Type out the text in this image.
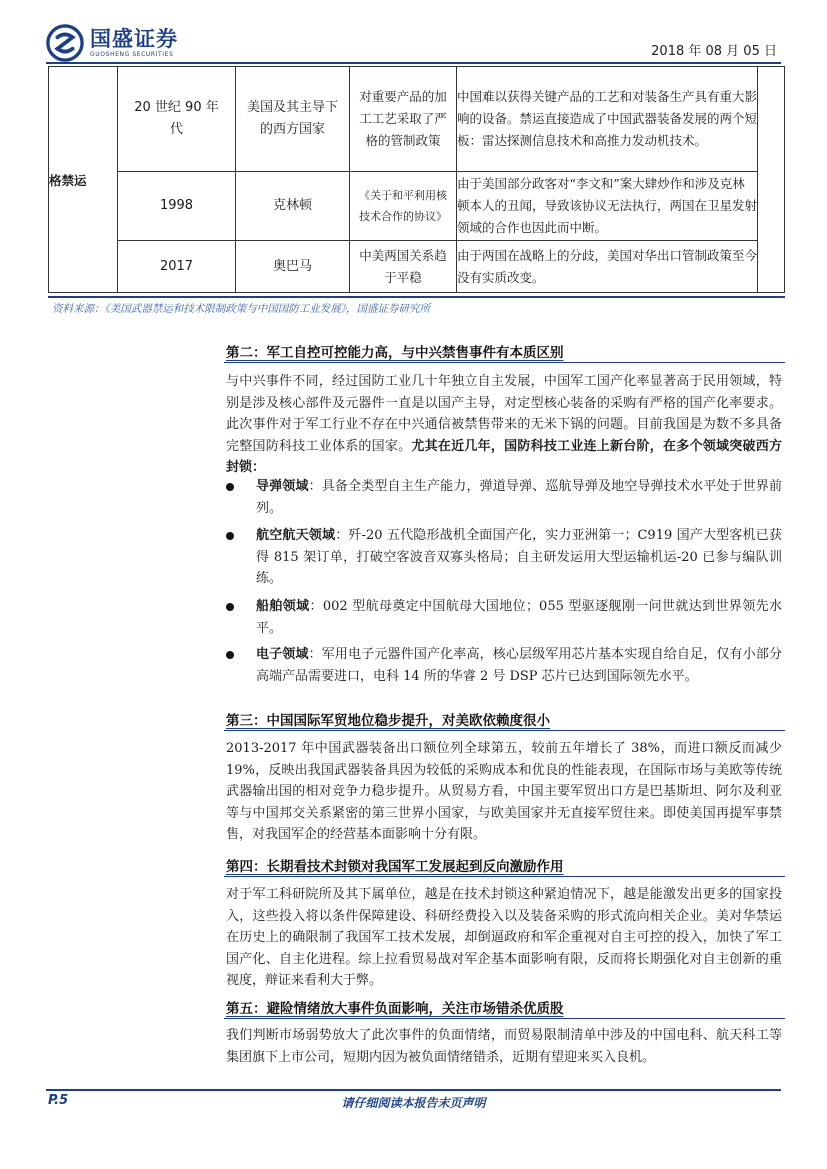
国盛证券
GUOSHENG SECURITIES	2018 年 08 月 05 日
格禁运	20 世纪 90 年代	美国及其主导下的西方国家	对重要产品的加工工艺采取了严格的管制政策	中国难以获得关键产品的工艺和对装备生产具有重大影响的设备。禁运直接造成了中国武器装备发展的两个短板：雷达探测信息技术和高推力发动机技术。	
	1998	克林顿	《关于和平利用核技术合作的协议》	由于美国部分政客对“李文和”案大肆炒作和涉及克林顿本人的丑闻，导致该协议无法执行，两国在卫星发射领域的合作也因此而中断。	
	2017	奥巴马	中美两国关系趋于平稳	由于两国在战略上的分歧，美国对华出口管制政策至今没有实质改变。	
资料来源：《美国武器禁运和技术限制政策与中国国防工业发展》，国盛证券研究所
第二：军工自控可控能力高，与中兴禁售事件有本质区别
与中兴事件不同，经过国防工业几十年独立自主发展，中国军工国产化率显著高于民用领域，特别是涉及核心部件及元器件一直是以国产主导，对定型核心装备的采购有严格的国产化率要求。此次事件对于军工行业不存在中兴通信被禁售带来的无米下锅的问题。目前我国是为数不多具备完整国防科技工业体系的国家。尤其在近几年，国防科技工业连上新台阶，在多个领域突破西方封锁：
导弹领域：具备全类型自主生产能力，弹道导弹、巡航导弹及地空导弹技术水平处于世界前列。
航空航天领域：歼-20 五代隐形战机全面国产化，实力亚洲第一；C919 国产大型客机已获得 815 架订单，打破空客波音双寡头格局；自主研发运用大型运输机运-20 已参与编队训练。
船舶领域：002 型航母奠定中国航母大国地位；055 型驱逐舰刚一问世就达到世界领先水平。
电子领域：军用电子元器件国产化率高，核心层级军用芯片基本实现自给自足，仅有小部分高端产品需要进口，电科 14 所的华睿 2 号 DSP 芯片已达到国际领先水平。
第三：中国国际军贸地位稳步提升，对美欧依赖度很小
2013-2017 年中国武器装备出口额位列全球第五，较前五年增长了 38%，而进口额反而减少 19%，反映出我国武器装备具因为较低的采购成本和优良的性能表现，在国际市场与美欧等传统武器输出国的相对竞争力稳步提升。从贸易方看，中国主要军贸出口方是巴基斯坦、阿尔及利亚等与中国邦交关系紧密的第三世界小国家，与欧美国家并无直接军贸往来。即使美国再提军事禁售，对我国军企的经营基本面影响十分有限。
第四：长期看技术封锁对我国军工发展起到反向激励作用
对于军工科研院所及其下属单位，越是在技术封锁这种紧迫情况下，越是能激发出更多的国家投入，这些投入将以条件保障建设、科研经费投入以及装备采购的形式流向相关企业。美对华禁运在历史上的确限制了我国军工技术发展，却倒逼政府和军企重视对自主可控的投入，加快了军工国产化、自主化进程。综上拉看贸易战对军企基本面影响有限，反而将长期强化对自主创新的重视度，辩证来看利大于弊。
第五：避险情绪放大事件负面影响，关注市场错杀优质股
我们判断市场弱势放大了此次事件的负面情绪，而贸易限制清单中涉及的中国电科、航天科工等集团旗下上市公司，短期内因为被负面情绪错杀，近期有望迎来买入良机。
P.5	请仔细阅读本报告末页声明
